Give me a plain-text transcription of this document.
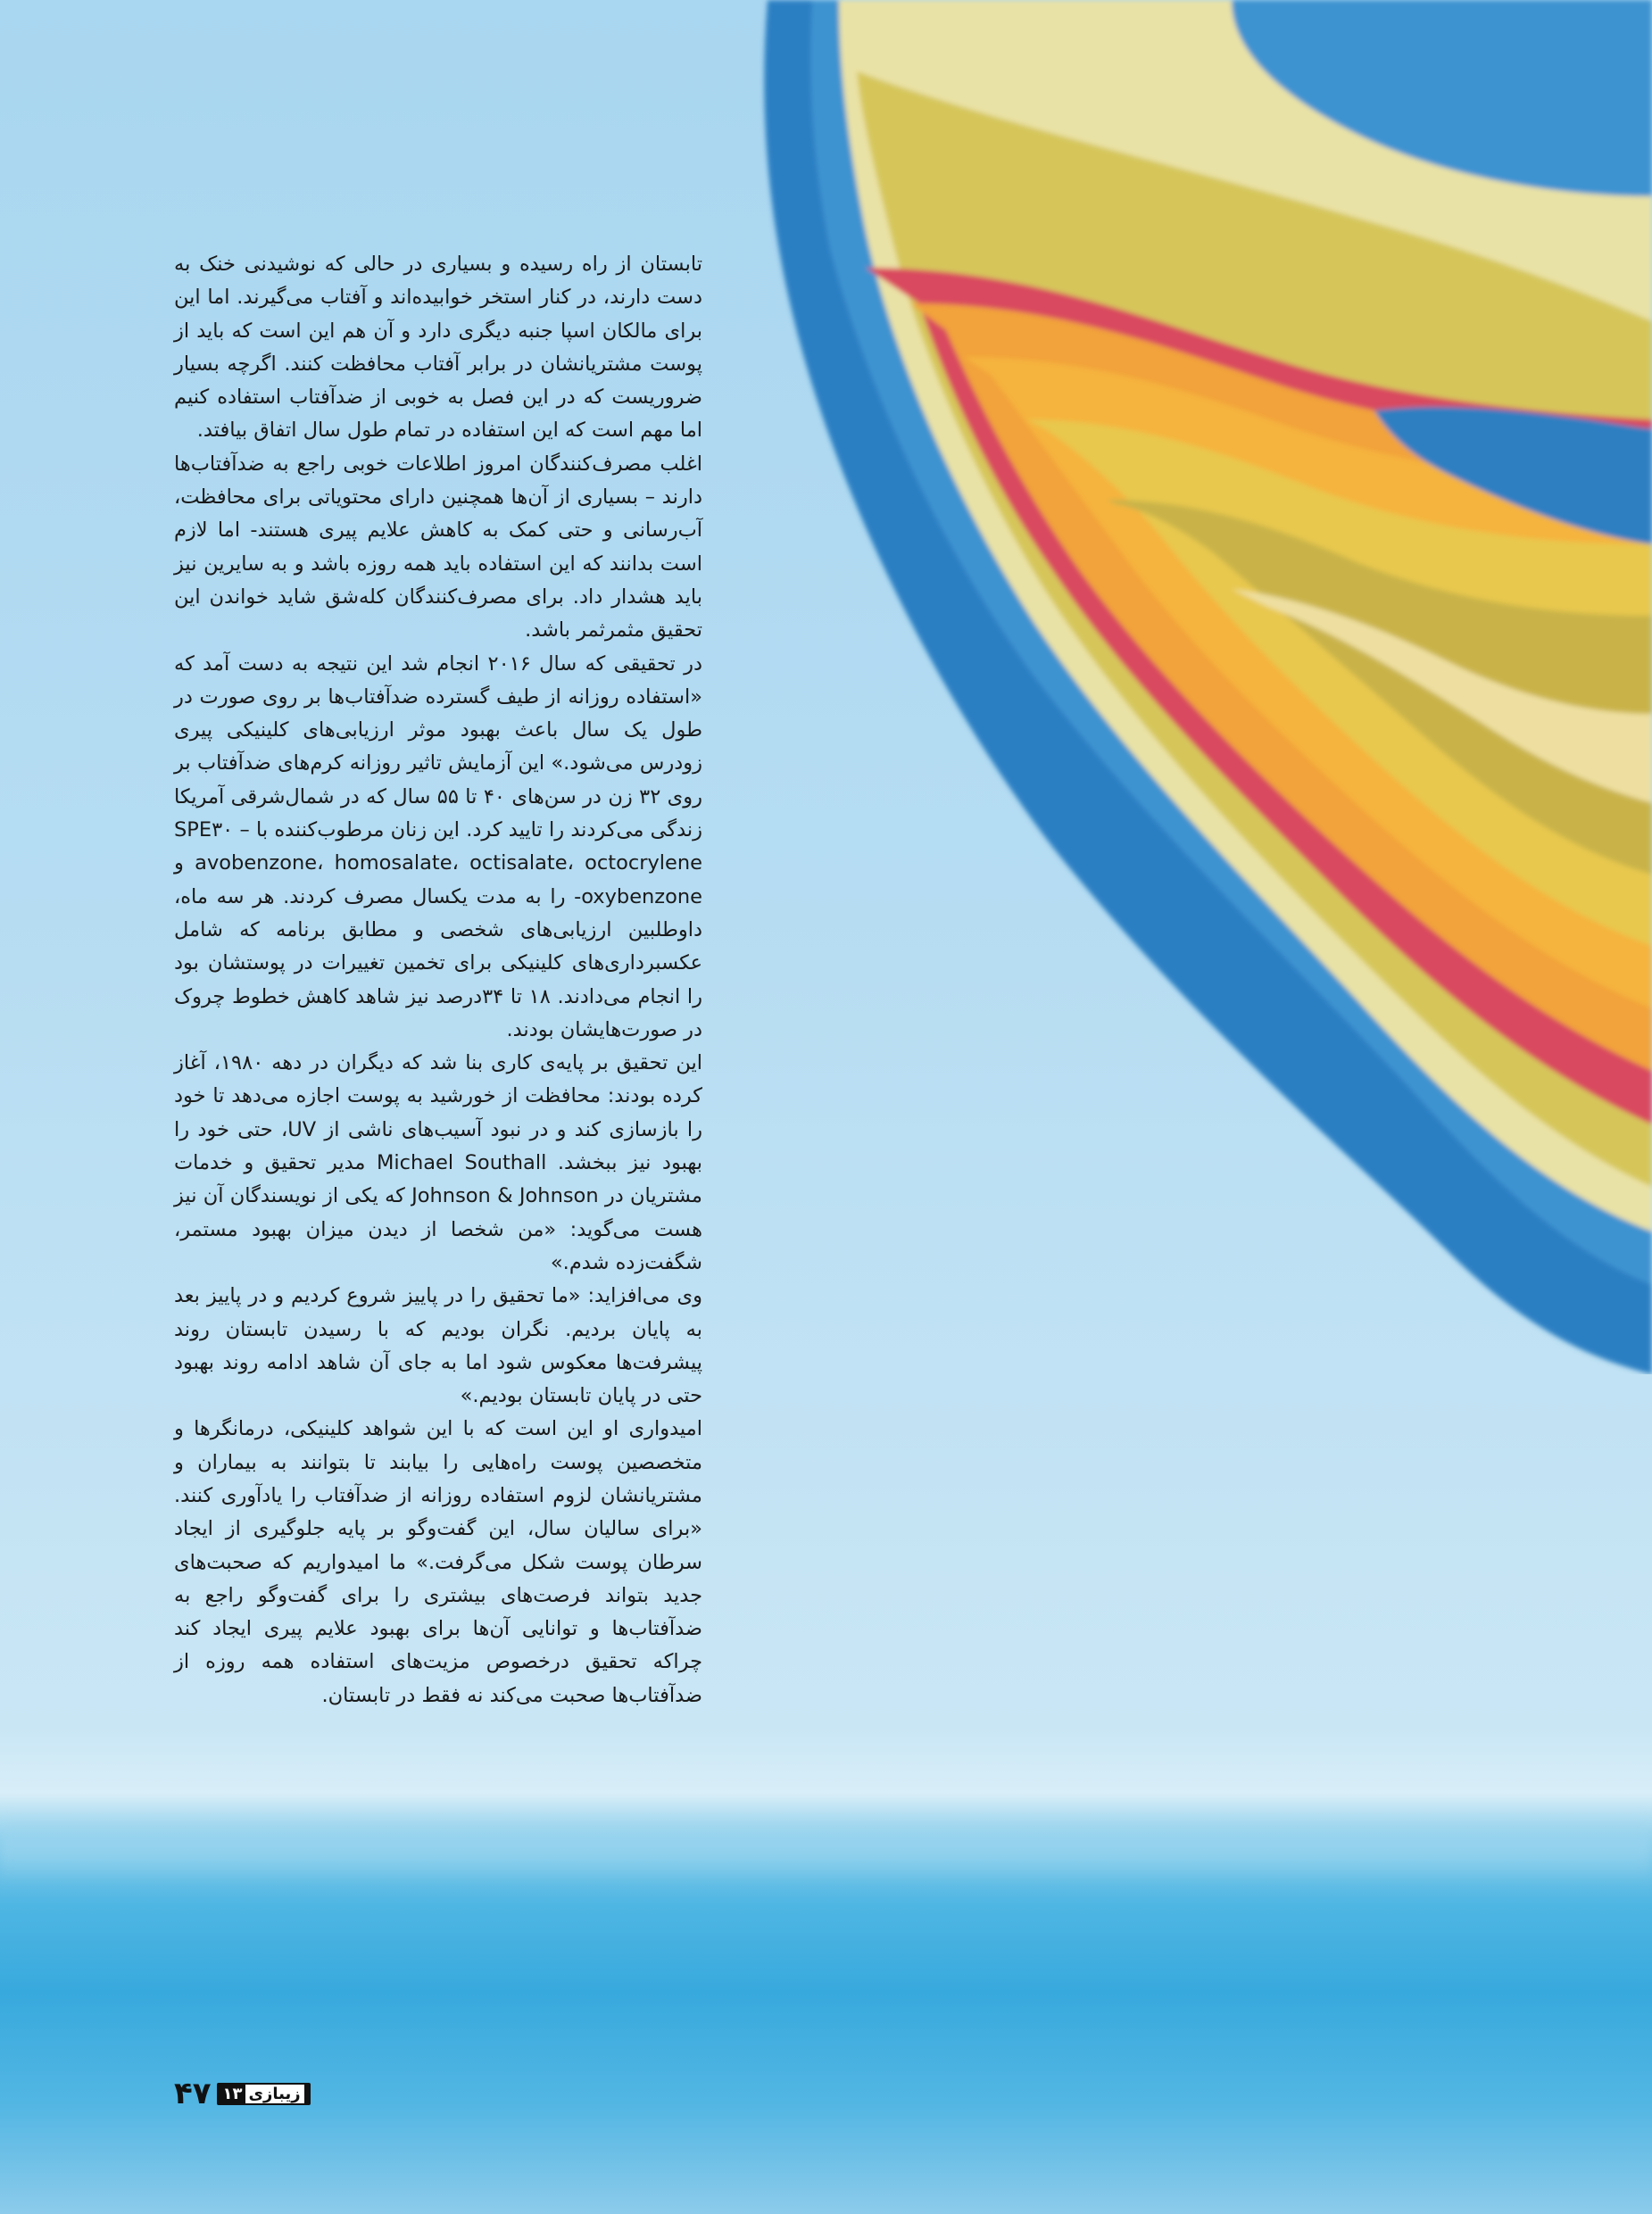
تابستان از راه رسیده و بسیاری در حالی که نوشیدنی خنک به دست دارند، در کنار استخر خوابیده‌اند و آفتاب می‌گیرند. اما این برای مالکان اسپا جنبه دیگری دارد و آن هم این است که باید از پوست مشتریانشان در برابر آفتاب محافظت کنند. اگرچه بسیار ضروریست که در این فصل به خوبی از ضدآفتاب استفاده کنیم اما مهم است که این استفاده در تمام طول سال اتفاق بیافتد.

اغلب مصرف‌کنندگان امروز اطلاعات خوبی راجع به ضدآفتاب‌ها دارند – بسیاری از آن‌ها همچنین دارای محتویاتی برای محافظت، آب‌رسانی و حتی کمک به کاهش علایم پیری هستند- اما لازم است بدانند که این استفاده باید همه روزه باشد و به سایرین نیز باید هشدار داد. برای مصرف‌کنندگان کله‌شق شاید خواندن این تحقیق مثمرثمر باشد.

در تحقیقی که سال ۲۰۱۶ انجام شد این نتیجه به دست آمد که «استفاده روزانه از طیف گسترده ضدآفتاب‌ها بر روی صورت در طول یک سال باعث بهبود موثر ارزیابی‌های کلینیکی پیری زودرس می‌شود.» این آزمایش تاثیر روزانه کرم‌های ضدآفتاب بر روی ۳۲ زن در سن‌های ۴۰ تا ۵۵ سال که در شمال‌شرقی آمریکا زندگی می‌کردند را تایید کرد. این زنان مرطوب‌کننده با SPE۳۰ – avobenzone، homosalate، octisalate، octocrylene و oxybenzone- را به مدت یکسال مصرف کردند. هر سه ماه، داوطلبین ارزیابی‌های شخصی و مطابق برنامه که شامل عکسبرداری‌های کلینیکی برای تخمین تغییرات در پوستشان بود را انجام می‌دادند. ۱۸ تا ۳۴درصد نیز شاهد کاهش خطوط چروک در صورت‌هایشان بودند.

این تحقیق بر پایه‌ی کاری بنا شد که دیگران در دهه ۱۹۸۰، آغاز کرده بودند: محافظت از خورشید به پوست اجازه می‌دهد تا خود را بازسازی کند و در نبود آسیب‌های ناشی از UV، حتی خود را بهبود نیز ببخشد. Michael Southall مدیر تحقیق و خدمات مشتریان در Johnson & Johnson که یکی از نویسندگان آن نیز هست می‌گوید: «من شخصا از دیدن میزان بهبود مستمر، شگفت‌زده شدم.»

وی می‌افزاید: «ما تحقیق را در پاییز شروع کردیم و در پاییز بعد به پایان بردیم. نگران بودیم که با رسیدن تابستان روند پیشرفت‌ها معکوس شود اما به جای آن شاهد ادامه روند بهبود حتی در پایان تابستان بودیم.»

امیدواری او این است که با این شواهد کلینیکی، درمانگرها و متخصصین پوست راه‌هایی را بیابند تا بتوانند به بیماران و مشتریانشان لزوم استفاده روزانه از ضدآفتاب را یادآوری کنند. «برای سالیان سال، این گفت‌وگو بر پایه جلوگیری از ایجاد سرطان پوست شکل می‌گرفت.» ما امیدواریم که صحبت‌های جدید بتواند فرصت‌های بیشتری را برای گفت‌وگو راجع به ضدآفتاب‌ها و توانایی آن‌ها برای بهبود علایم پیری ایجاد کند چراکه تحقیق درخصوص مزیت‌های استفاده همه روزه از ضدآفتاب‌ها صحبت می‌کند نه فقط در تابستان.

۴۷ زیبازی
۱۳
